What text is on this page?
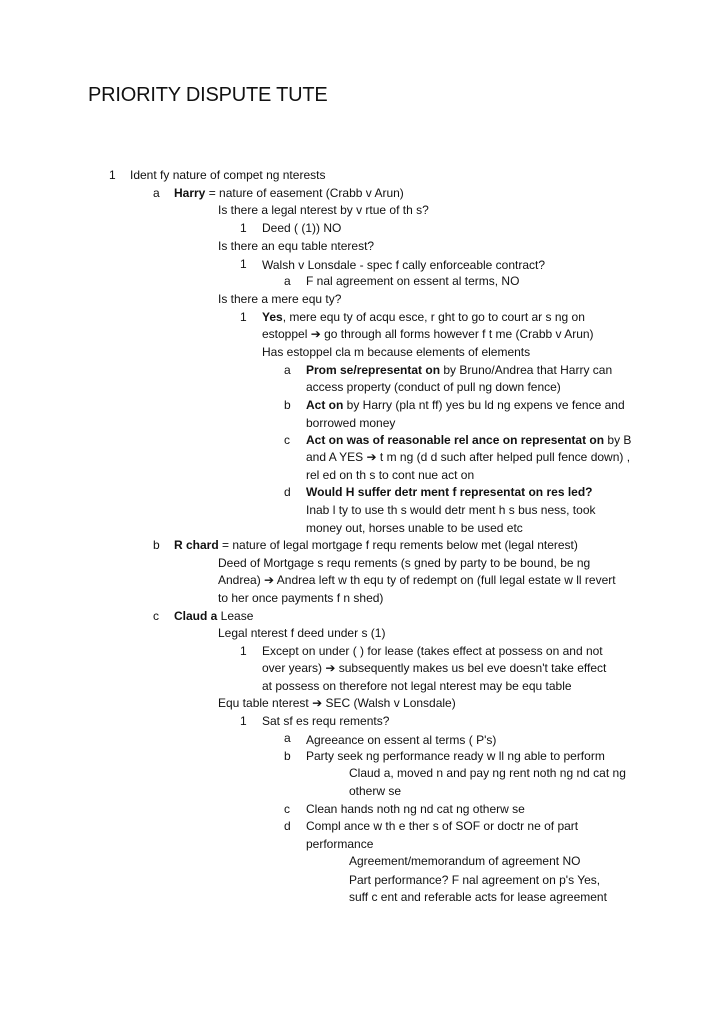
PRIORITY DISPUTE TUTE
1 Ident fy nature of compet ng nterests
a Harry = nature of easement (Crabb v Arun)
Is there a legal nterest by v rtue of th s?
1 Deed ( (1)) NO
Is there an equ table nterest?
1 Walsh v Lonsdale - spec f cally enforceable contract?
a F nal agreement on essent al terms, NO
Is there a mere equ ty?
1 Yes, mere equ ty of acqu esce, r ght to go to court ar s ng on
estoppel ➔ go through all forms however f t me (Crabb v Arun)
Has estoppel cla m because elements of elements
a Prom se/representat on by Bruno/Andrea that Harry can
access property (conduct of pull ng down fence)
b Act on by Harry (pla nt ff) yes bu ld ng expens ve fence and
borrowed money
c Act on was of reasonable rel ance on representat on by B
and A YES ➔ t m ng (d d such after helped pull fence down) ,
rel ed on th s to cont nue act on
d Would H suffer detr ment f representat on res led?
Inab l ty to use th s would detr ment h s bus ness, took
money out, horses unable to be used etc
b R chard = nature of legal mortgage f requ rements below met (legal nterest)
Deed of Mortgage s requ rements (s gned by party to be bound, be ng
Andrea) ➔ Andrea left w th equ ty of redempt on (full legal estate w ll revert
to her once payments f n shed)
c Claud a Lease
Legal nterest f deed under s (1)
1 Except on under ( ) for lease (takes effect at possess on and not
over years) ➔ subsequently makes us bel eve doesn't take effect
at possess on therefore not legal nterest may be equ table
Equ table nterest ➔ SEC (Walsh v Lonsdale)
1 Sat sf es requ rements?
a Agreeance on essent al terms ( P's)
b Party seek ng performance ready w ll ng able to perform
Claud a, moved n and pay ng rent noth ng nd cat ng
otherw se
c Clean hands noth ng nd cat ng otherw se
d Compl ance w th e ther s of SOF or doctr ne of part
performance
Agreement/memorandum of agreement NO
Part performance? F nal agreement on p's Yes,
suff c ent and referable acts for lease agreement
